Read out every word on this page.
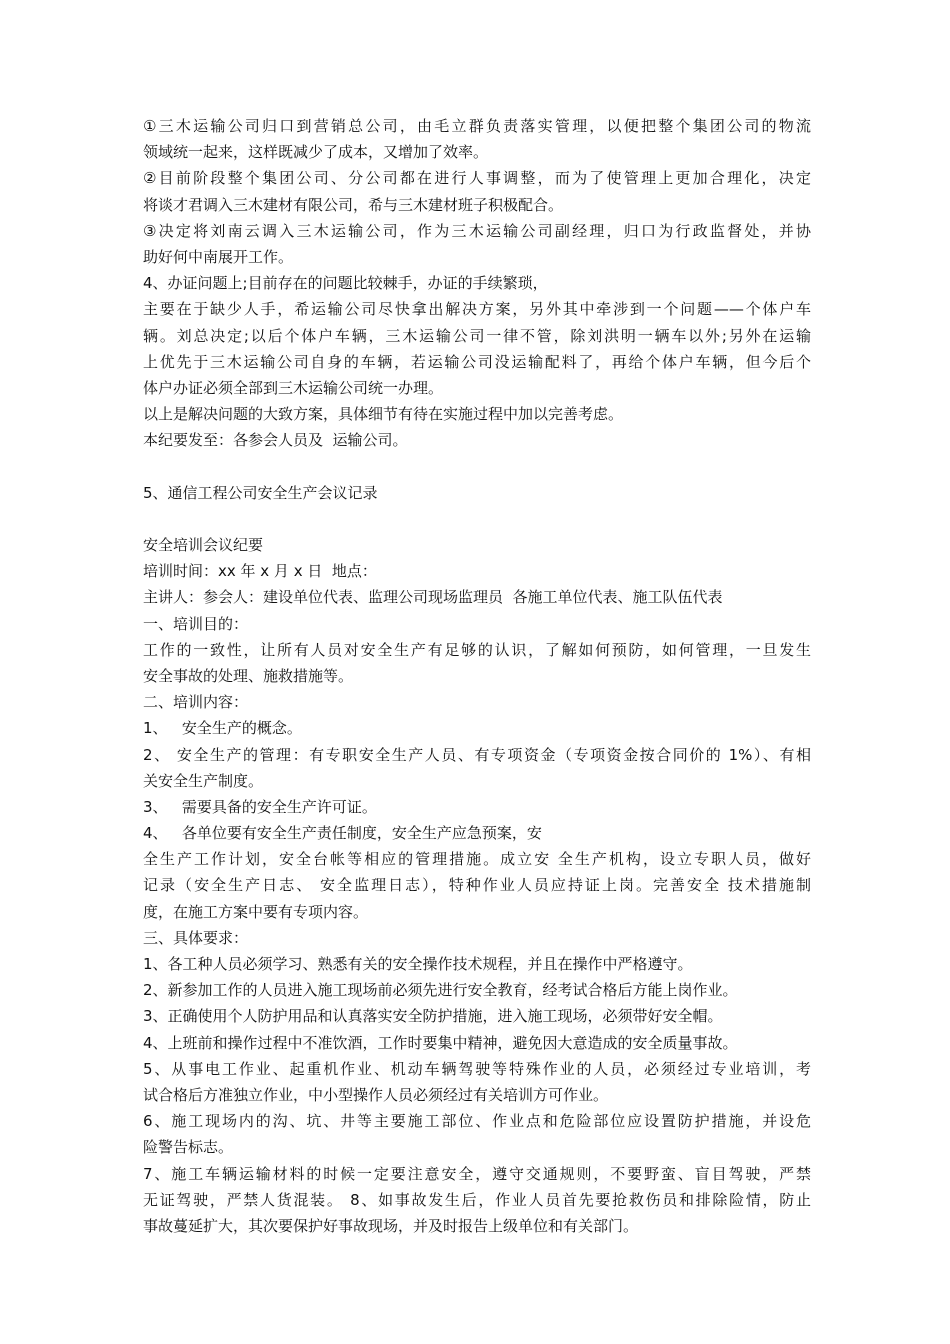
①三木运输公司归口到营销总公司，由毛立群负责落实管理，以便把整个集团公司的物流
领域统一起来，这样既减少了成本，又增加了效率。
②目前阶段整个集团公司、分公司都在进行人事调整，而为了使管理上更加合理化，决定
将谈才君调入三木建材有限公司，希与三木建材班子积极配合。
③决定将刘南云调入三木运输公司，作为三木运输公司副经理，归口为行政监督处，并协
助好何中南展开工作。
4、办证问题上;目前存在的问题比较棘手，办证的手续繁琐，
主要在于缺少人手，希运输公司尽快拿出解决方案，另外其中牵涉到一个问题——个体户车
辆。刘总决定;以后个体户车辆，三木运输公司一律不管，除刘洪明一辆车以外;另外在运输
上优先于三木运输公司自身的车辆，若运输公司没运输配料了，再给个体户车辆，但今后个
体户办证必须全部到三木运输公司统一办理。
以上是解决问题的大致方案，具体细节有待在实施过程中加以完善考虑。
本纪要发至：各参会人员及  运输公司。
5、通信工程公司安全生产会议记录
安全培训会议纪要
培训时间：xx 年 x 月 x 日  地点：
主讲人：参会人：建设单位代表、监理公司现场监理员  各施工单位代表、施工队伍代表
一、培训目的：
工作的一致性，让所有人员对安全生产有足够的认识，了解如何预防，如何管理，一旦发生
安全事故的处理、施救措施等。
二、培训内容：
1、   安全生产的概念。
2、 安全生产的管理：有专职安全生产人员、有专项资金（专项资金按合同价的 1%）、有相
关安全生产制度。
3、   需要具备的安全生产许可证。
4、   各单位要有安全生产责任制度，安全生产应急预案，安
全生产工作计划，安全台帐等相应的管理措施。成立安 全生产机构，设立专职人员，做好
记录（安全生产日志、 安全监理日志），特种作业人员应持证上岗。完善安全 技术措施制
度，在施工方案中要有专项内容。
三、具体要求：
1、各工种人员必须学习、熟悉有关的安全操作技术规程，并且在操作中严格遵守。
2、新参加工作的人员进入施工现场前必须先进行安全教育，经考试合格后方能上岗作业。
3、正确使用个人防护用品和认真落实安全防护措施，进入施工现场，必须带好安全帽。
4、上班前和操作过程中不准饮酒，工作时要集中精神，避免因大意造成的安全质量事故。
5、从事电工作业、起重机作业、机动车辆驾驶等特殊作业的人员，必须经过专业培训，考
试合格后方准独立作业，中小型操作人员必须经过有关培训方可作业。
6、施工现场内的沟、坑、井等主要施工部位、作业点和危险部位应设置防护措施，并设危
险警告标志。
7、施工车辆运输材料的时候一定要注意安全，遵守交通规则，不要野蛮、盲目驾驶，严禁
无证驾驶，严禁人货混装。 8、如事故发生后，作业人员首先要抢救伤员和排除险情，防止
事故蔓延扩大，其次要保护好事故现场，并及时报告上级单位和有关部门。
